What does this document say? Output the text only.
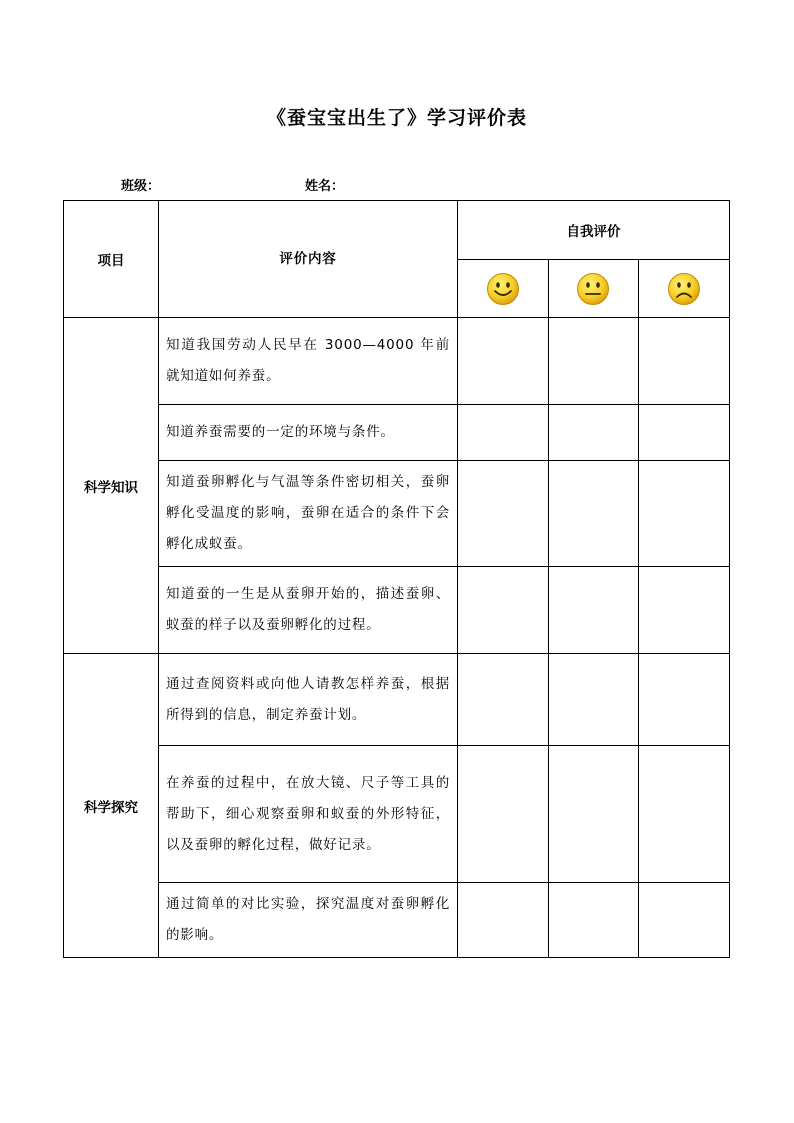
《蚕宝宝出生了》学习评价表
班级：	姓名：
项目	评价内容	自我评价		

科学知识	知道我国劳动人民早在 3000—4000 年前就知道如何养蚕。			
	知道养蚕需要的一定的环境与条件。			
	知道蚕卵孵化与气温等条件密切相关，蚕卵孵化受温度的影响，蚕卵在适合的条件下会孵化成蚁蚕。			
	知道蚕的一生是从蚕卵开始的，描述蚕卵、蚁蚕的样子以及蚕卵孵化的过程。			
科学探究	通过查阅资料或向他人请教怎样养蚕，根据所得到的信息，制定养蚕计划。			
	在养蚕的过程中，在放大镜、尺子等工具的帮助下，细心观察蚕卵和蚁蚕的外形特征，以及蚕卵的孵化过程，做好记录。			
	通过简单的对比实验，探究温度对蚕卵孵化的影响。			
